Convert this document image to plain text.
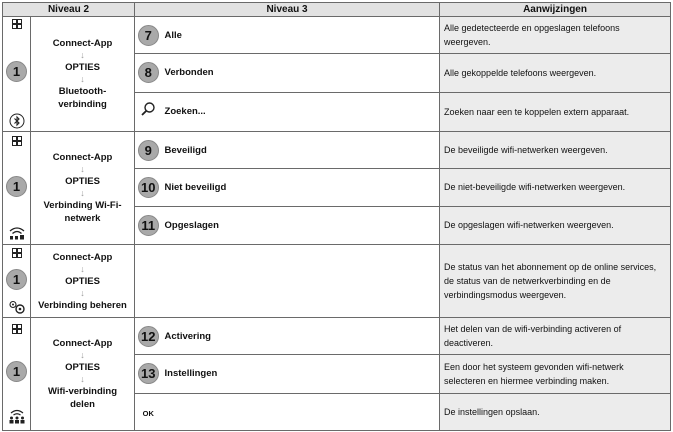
Niveau 2		Niveau 3		Aanwijzingen

1	Connect-App
↓
OPTIES
↓
Bluetooth-verbinding	7	Alle	Alle gedetecteerde en opgeslagen telefoons weergeven.
		8	Verbonden	Alle gekoppelde telefoons weergeven.
	Zoeken...	Zoeken naar een te koppelen extern apparaat.

1	Connect-App
↓
OPTIES
↓
Verbinding Wi-Fi-netwerk	9	Beveiligd	De beveiligde wifi-netwerken weergeven.
		10	Niet beveiligd	De niet-beveiligde wifi-netwerken weergeven.
		11	Opgeslagen	De opgeslagen wifi-netwerken weergeven.

1	Connect-App
↓
OPTIES
↓
Verbinding beheren			De status van het abonnement op de online services, de status van de netwerkverbinding en de verbindingsmodus weergeven.

1	Connect-App
↓
OPTIES
↓
Wifi-verbinding delen	12	Activering	Het delen van de wifi-verbinding activeren of deactiveren.
		13	Instellingen	Een door het systeem gevonden wifi-netwerk selecteren en hiermee verbinding maken.
		OK		De instellingen opslaan.
